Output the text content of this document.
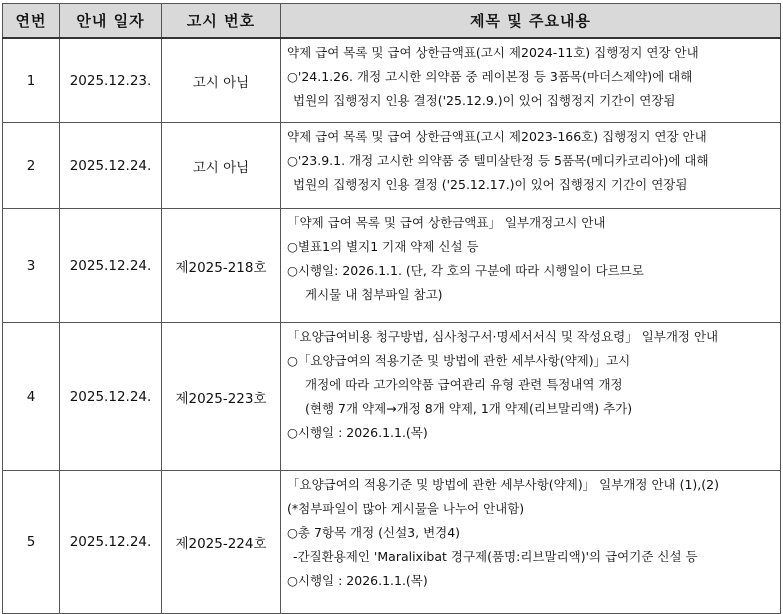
연번	안내 일자	고시 번호	제목 및 주요내용
1	2025.12.23.	고시 아님	약제 급여 목록 및 급여 상한금액표(고시 제2024-11호) 집행정지 연장 안내
○'24.1.26. 개정 고시한 의약품 중 레이본정 등 3품목(마더스제약)에 대해
법원의 집행정지 인용 결정('25.12.9.)이 있어 집행정지 기간이 연장됨

2	2025.12.24.	고시 아님	약제 급여 목록 및 급여 상한금액표(고시 제2023-166호) 집행정지 연장 안내
○'23.9.1. 개정 고시한 의약품 중 텔미살탄정 등 5품목(메디카코리아)에 대해
법원의 집행정지 인용 결정 ('25.12.17.)이 있어 집행정지 기간이 연장됨

3	2025.12.24.	제2025-218호	「약제 급여 목록 및 급여 상한금액표」 일부개정고시 안내
○별표1의 별지1 기재 약제 신설 등
○시행일: 2026.1.1. (단, 각 호의 구분에 따라 시행일이 다르므로
게시물 내 첨부파일 참고)

4	2025.12.24.	제2025-223호	「요양급여비용 청구방법, 심사청구서·명세서서식 및 작성요령」 일부개정 안내
○「요양급여의 적용기준 및 방법에 관한 세부사항(약제)」고시
개정에 따라 고가의약품 급여관리 유형 관련 특정내역 개정
(현행 7개 약제→개정 8개 약제, 1개 약제(리브말리액) 추가)
○시행일 : 2026.1.1.(목)

5	2025.12.24.	제2025-224호	「요양급여의 적용기준 및 방법에 관한 세부사항(약제)」 일부개정 안내 (1),(2)
(*첨부파일이 많아 게시물을 나누어 안내함)
○총 7항목 개정 (신설3, 변경4)
-간질환용제인 'Maralixibat 경구제(품명:리브말리액)'의 급여기준 신설 등
○시행일 : 2026.1.1.(목)
